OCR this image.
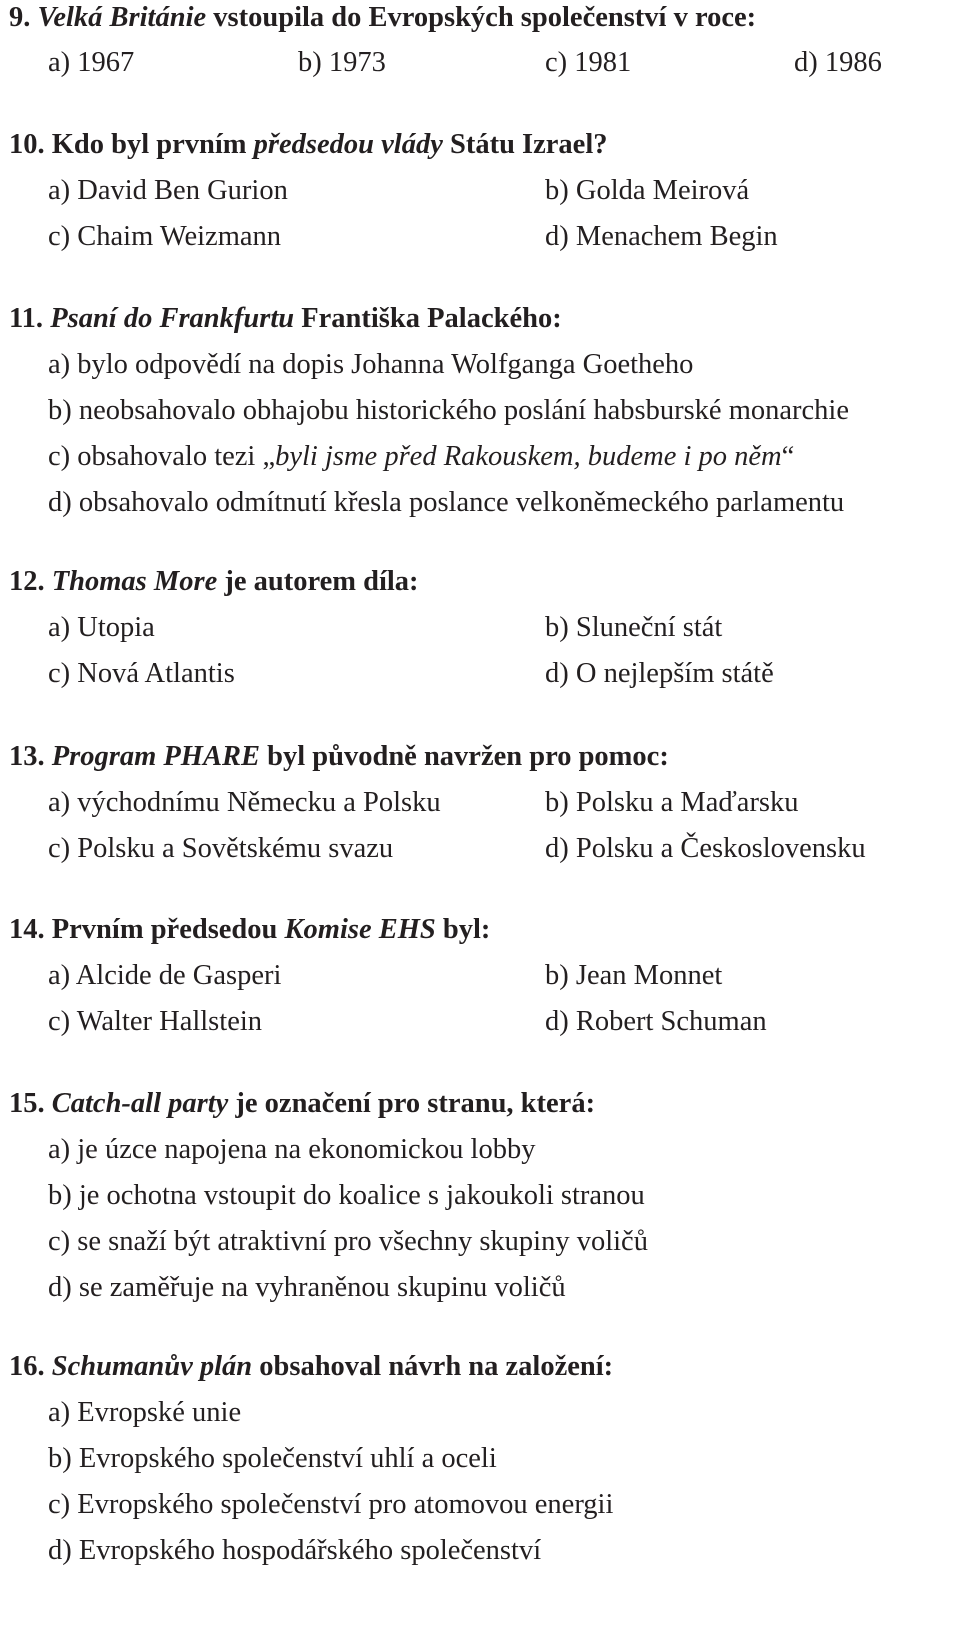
9. Velká Británie vstoupila do Evropských společenství v roce:
a) 1967	b) 1973	c) 1981	d) 1986
10. Kdo byl prvním předsedou vlády Státu Izrael?
a) David Ben Gurion	b) Golda Meirová
c) Chaim Weizmann	d) Menachem Begin
11. Psaní do Frankfurtu Františka Palackého:
a) bylo odpovědí na dopis Johanna Wolfganga Goetheho
b) neobsahovalo obhajobu historického poslání habsburské monarchie
c) obsahovalo tezi „byli jsme před Rakouskem, budeme i po něm“
d) obsahovalo odmítnutí křesla poslance velkoněmeckého parlamentu
12. Thomas More je autorem díla:
a) Utopia	b) Sluneční stát
c) Nová Atlantis	d) O nejlepším státě
13. Program PHARE byl původně navržen pro pomoc:
a) východnímu Německu a Polsku	b) Polsku a Maďarsku
c) Polsku a Sovětskému svazu	d) Polsku a Československu
14. Prvním předsedou Komise EHS byl:
a) Alcide de Gasperi	b) Jean Monnet
c) Walter Hallstein	d) Robert Schuman
15. Catch-all party je označení pro stranu, která:
a) je úzce napojena na ekonomickou lobby
b) je ochotna vstoupit do koalice s jakoukoli stranou
c) se snaží být atraktivní pro všechny skupiny voličů
d) se zaměřuje na vyhraněnou skupinu voličů
16. Schumanův plán obsahoval návrh na založení:
a) Evropské unie
b) Evropského společenství uhlí a oceli
c) Evropského společenství pro atomovou energii
d) Evropského hospodářského společenství
